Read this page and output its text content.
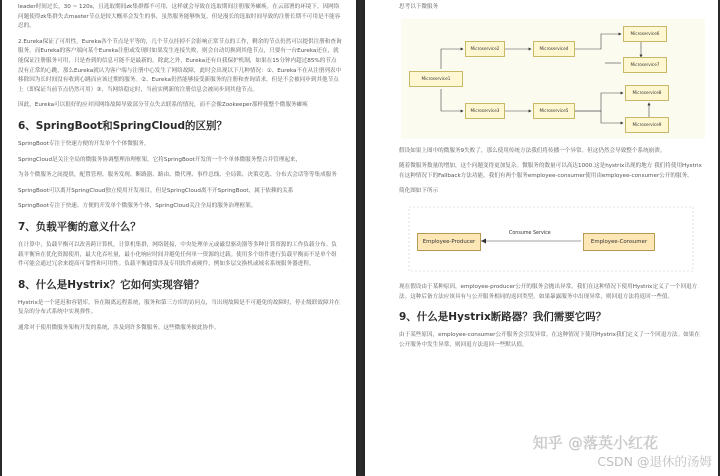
leader时间过长，30 ~ 120s，且选取期间zk集群都不可用，这样就会导致在选取期间注册服务瘫痪。在云部署的环境下，因网络问题使得zk集群失去master节点是较大概率会发生的事，虽然服务能够恢复，但是漫长的选取时间导致的注册长期不可用是不能容忍的。

2.Eureka保证了可用性，Eureka各个节点是平等的，几个节点挂掉不会影响正常节点的工作，剩余的节点仍然可以提供注册和查询服务。而Eureka的客户端向某个Eureka注册或发现时如果发生连接失败，则会自动切换到其他节点，只要有一台Eureka还在，就能保证注册服务可用，只是查到的信息可能不是最新的。除此之外，Eureka还有自我保护机制，如果在15分钟内超过85%的节点没有正常的心跳，那么Eureka就认为客户端与注册中心发生了网络故障，此时会出现以下几种情况：①、Eureka不在从注册列表中移除因为长时间没有收到心跳而应该过期的服务。②、Eureka仍然能够接受新服务的注册和查询请求，但是不会被同步到其他节点上（即保证当前节点仍然可用）③、当网络稳定时，当前实例新的注册信息会被同步到其他节点。

因此，Eureka可以很好的应对因网络故障导致部分节点失去联系的情况，而不会像Zookeeper那样使整个微服务瘫痪

6、SpringBoot和SpringCloud的区别？

SpringBoot专注于快速方便的开发单个个体微服务。

SpringCloud是关注全局的微服务协调整理治理框架，它将SpringBoot开发的一个个单体微服务整合并管理起来，

为各个微服务之间提供，配置管理、服务发现、断路器、路由、微代理、事件总线、全局锁、决策竞选、分布式会话等等集成服务

SpringBoot可以离开SpringCloud独立使用开发项目，但是SpringCloud离不开SpringBoot，属于依赖的关系

SpringBoot专注于快速、方便的开发单个微服务个体，SpringCloud关注全局的服务治理框架。

7、负载平衡的意义什么？

在计算中，负载平衡可以改善跨计算机，计算机集群，网络链接，中央处理单元或磁盘驱动器等多种计算资源的工作负载分布。负载平衡旨在优化资源使用，最大化吞吐量，最小化响应时间并避免任何单一资源的过载。使用多个组件进行负载平衡而不是单个组件可能会通过冗余来提高可靠性和可用性。负载平衡通常涉及专用软件或硬件，例如多层交换机或域名系统服务器进程。

8、什么是Hystrix？它如何实现容错？

Hystrix是一个延迟和容错库，旨在隔离远程系统，服务和第三方库的访问点，当出现故障是不可避免的故障时，停止级联故障并在复杂的分布式系统中实现弹性。

通常对于使用微服务架构开发的系统，涉及到许多微服务。这些微服务彼此协作。

思考以下微服务

Microservice1
Microservice2
Microservice3
Microservice4
Microservice5
Microservice6
Microservice7
Microservice8
Microservice9

假设如果上图中的微服务9失败了，那么使用传统方法我们将传播一个异常。但这仍然会导致整个系统崩溃。

随着微服务数量的增加，这个问题变得更加复杂。微服务的数量可以高达1000.这是hystrix出现的地方 我们将使用Hystrix在这种情况下的Fallback方法功能。我们有两个服务employee-consumer使用由employee-consumer公开的服务。

简化图如下所示

Consume Service
Employee-Producer	Employee-Consumer

现在假设由于某种原因，employee-producer公开的服务会抛出异常。我们在这种情况下使用Hystrix定义了一个回退方法。这种后备方法应该具有与公开服务相同的返回类型。如果暴露服务中出现异常，则回退方法将返回一些值。

9、什么是Hystrix断路器？我们需要它吗？

由于某些原因，employee-consumer公开服务会引发异常。在这种情况下使用Hystrix我们定义了一个回退方法。如果在公开服务中发生异常，则回退方法返回一些默认值。

知乎 @落英小红花
CSDN @退休的汤姆
